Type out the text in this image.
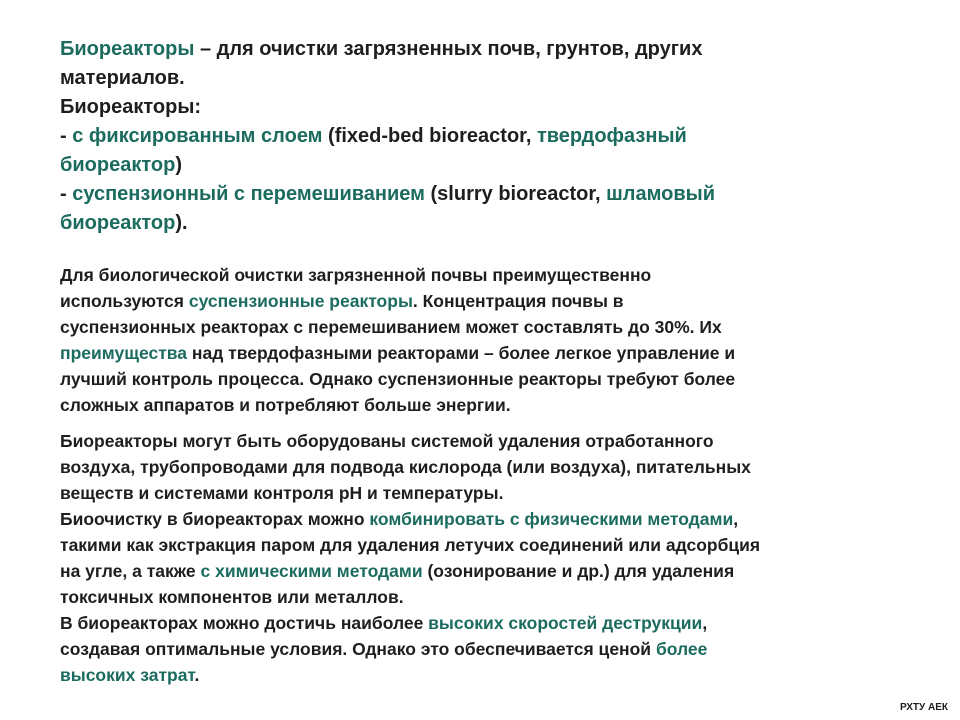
Биореакторы – для очистки загрязненных почв, грунтов, других
материалов.
Биореакторы:
- с фиксированным слоем (fixed-bed bioreactor, твердофазный
биореактор)
- суспензионный с перемешиванием (slurry bioreactor, шламовый
биореактор).
Для биологической очистки загрязненной почвы преимущественно
используются суспензионные реакторы. Концентрация почвы в
суспензионных реакторах с перемешиванием может составлять до 30%. Их
преимущества над твердофазными реакторами – более легкое управление и
лучший контроль процесса. Однако суспензионные реакторы требуют более
сложных аппаратов и потребляют больше энергии.
Биореакторы могут быть оборудованы системой удаления отработанного
воздуха, трубопроводами для подвода кислорода (или воздуха), питательных
веществ и системами контроля pH и температуры.
Биоочистку в биореакторах можно комбинировать с физическими методами,
такими как экстракция паром для удаления летучих соединений или адсорбция
на угле, а также с химическими методами (озонирование и др.) для удаления
токсичных компонентов или металлов.
В биореакторах можно достичь наиболее высоких скоростей деструкции,
создавая оптимальные условия. Однако это обеспечивается ценой более
высоких затрат.
РХТУ АЕК
